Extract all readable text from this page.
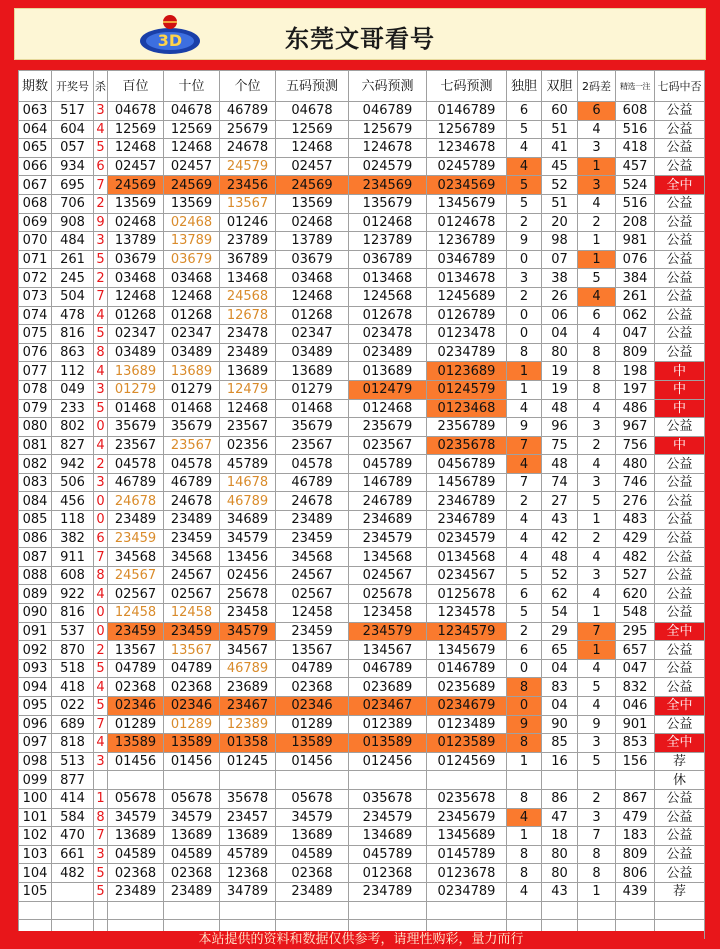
3D	东莞文哥看号
期数	开奖号	杀	百位	十位	个位	五码预测	六码预测	七码预测	独胆	双胆	2码差	精选一注	七码中否
063	517	3	04678	04678	46789	04678	046789	0146789	6	60	6	608	公益
064	604	4	12569	12569	25679	12569	125679	1256789	5	51	4	516	公益
065	057	5	12468	12468	24678	12468	124678	1234678	4	41	3	418	公益
066	934	6	02457	02457	24579	02457	024579	0245789	4	45	1	457	公益
067	695	7	24569	24569	23456	24569	234569	0234569	5	52	3	524	全中
068	706	2	13569	13569	13567	13569	135679	1345679	5	51	4	516	公益
069	908	9	02468	02468	01246	02468	012468	0124678	2	20	2	208	公益
070	484	3	13789	13789	23789	13789	123789	1236789	9	98	1	981	公益
071	261	5	03679	03679	36789	03679	036789	0346789	0	07	1	076	公益
072	245	2	03468	03468	13468	03468	013468	0134678	3	38	5	384	公益
073	504	7	12468	12468	24568	12468	124568	1245689	2	26	4	261	公益
074	478	4	01268	01268	12678	01268	012678	0126789	0	06	6	062	公益
075	816	5	02347	02347	23478	02347	023478	0123478	0	04	4	047	公益
076	863	8	03489	03489	23489	03489	023489	0234789	8	80	8	809	公益
077	112	4	13689	13689	13689	13689	013689	0123689	1	19	8	198	中
078	049	3	01279	01279	12479	01279	012479	0124579	1	19	8	197	中
079	233	5	01468	01468	12468	01468	012468	0123468	4	48	4	486	中
080	802	0	35679	35679	23567	35679	235679	2356789	9	96	3	967	公益
081	827	4	23567	23567	02356	23567	023567	0235678	7	75	2	756	中
082	942	2	04578	04578	45789	04578	045789	0456789	4	48	4	480	公益
083	506	3	46789	46789	14678	46789	146789	1456789	7	74	3	746	公益
084	456	0	24678	24678	46789	24678	246789	2346789	2	27	5	276	公益
085	118	0	23489	23489	34689	23489	234689	2346789	4	43	1	483	公益
086	382	6	23459	23459	34579	23459	234579	0234579	4	42	2	429	公益
087	911	7	34568	34568	13456	34568	134568	0134568	4	48	4	482	公益
088	608	8	24567	24567	02456	24567	024567	0234567	5	52	3	527	公益
089	922	4	02567	02567	25678	02567	025678	0125678	6	62	4	620	公益
090	816	0	12458	12458	23458	12458	123458	1234578	5	54	1	548	公益
091	537	0	23459	23459	34579	23459	234579	1234579	2	29	7	295	全中
092	870	2	13567	13567	34567	13567	134567	1345679	6	65	1	657	公益
093	518	5	04789	04789	46789	04789	046789	0146789	0	04	4	047	公益
094	418	4	02368	02368	23689	02368	023689	0235689	8	83	5	832	公益
095	022	5	02346	02346	23467	02346	023467	0234679	0	04	4	046	全中
096	689	7	01289	01289	12389	01289	012389	0123489	9	90	9	901	公益
097	818	4	13589	13589	01358	13589	013589	0123589	8	85	3	853	全中
098	513	3	01456	01456	01245	01456	012456	0124569	1	16	5	156	荐
099	877												休
100	414	1	05678	05678	35678	05678	035678	0235678	8	86	2	867	公益
101	584	8	34579	34579	23457	34579	234579	2345679	4	47	3	479	公益
102	470	7	13689	13689	13689	13689	134689	1345689	1	18	7	183	公益
103	661	3	04589	04589	45789	04589	045789	0145789	8	80	8	809	公益
104	482	5	02368	02368	12368	02368	012368	0123678	8	80	8	806	公益
105		5	23489	23489	34789	23489	234789	0234789	4	43	1	439	荐

本站提供的资料和数据仅供参考，请理性购彩，量力而行
